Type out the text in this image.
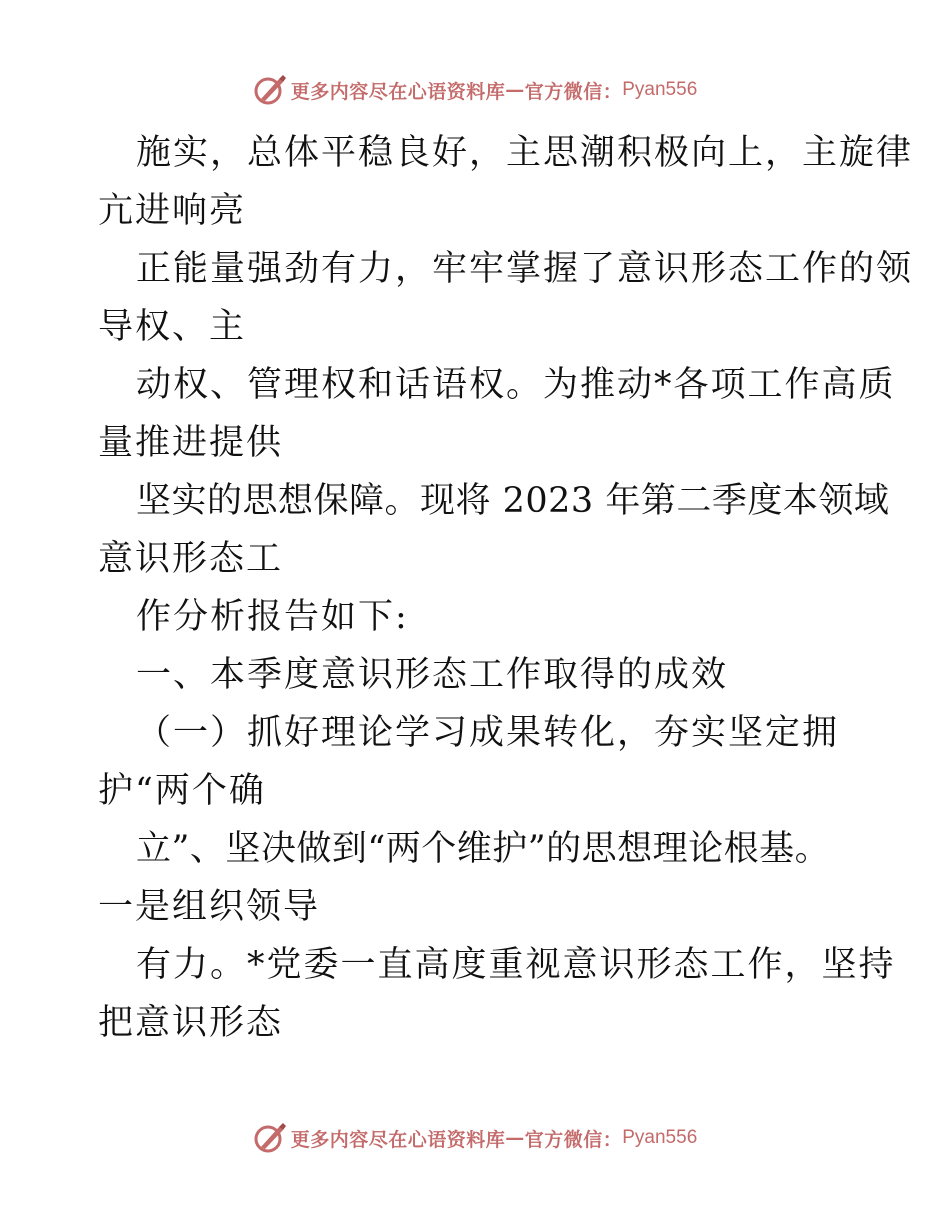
更多内容尽在心语资料库 — 官方微信： Pyan556
施实，总体平稳良好，主思潮积极向上，主旋律
亢进响亮
正能量强劲有力，牢牢掌握了意识形态工作的领
导权、主
动权、管理权和话语权。为推动*各项工作高质
量推进提供
坚实的思想保障。现将 2023 年第二季度本领域
意识形态工
作分析报告如下:
一、本季度意识形态工作取得的成效
（一）抓好理论学习成果转化，夯实坚定拥
护“两个确
立”、坚决做到“两个维护”的思想理论根基。
一是组织领导
有力。*党委一直高度重视意识形态工作，坚持
把意识形态
更多内容尽在心语资料库 — 官方微信： Pyan556
